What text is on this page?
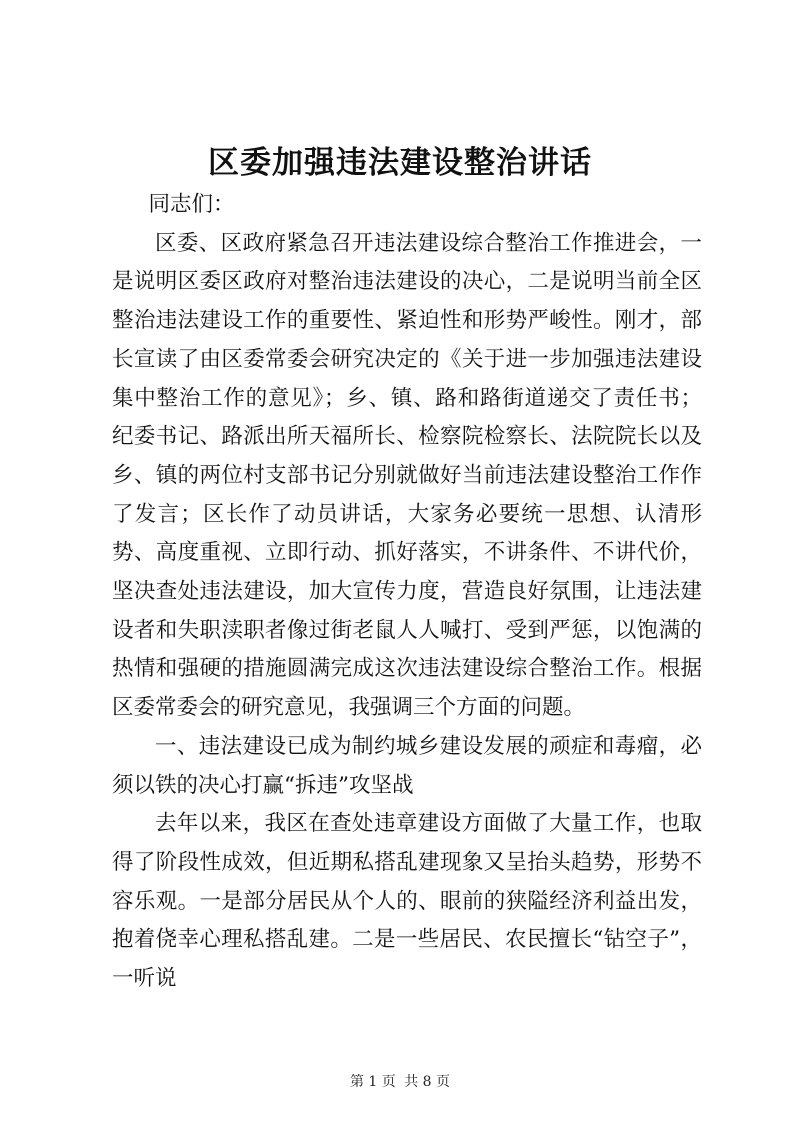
区委加强违法建设整治讲话

同志们：

区委、区政府紧急召开违法建设综合整治工作推进会，一是说明区委区政府对整治违法建设的决心，二是说明当前全区整治违法建设工作的重要性、紧迫性和形势严峻性。刚才，部长宣读了由区委常委会研究决定的《关于进一步加强违法建设集中整治工作的意见》；乡、镇、路和路街道递交了责任书；纪委书记、路派出所天福所长、检察院检察长、法院院长以及乡、镇的两位村支部书记分别就做好当前违法建设整治工作作了发言；区长作了动员讲话，大家务必要统一思想、认清形势、高度重视、立即行动、抓好落实，不讲条件、不讲代价，坚决查处违法建设，加大宣传力度，营造良好氛围，让违法建设者和失职渎职者像过街老鼠人人喊打、受到严惩，以饱满的热情和强硬的措施圆满完成这次违法建设综合整治工作。根据区委常委会的研究意见，我强调三个方面的问题。

一、违法建设已成为制约城乡建设发展的顽症和毒瘤，必须以铁的决心打赢“拆违”攻坚战

去年以来，我区在查处违章建设方面做了大量工作，也取得了阶段性成效，但近期私搭乱建现象又呈抬头趋势，形势不容乐观。一是部分居民从个人的、眼前的狭隘经济利益出发，抱着侥幸心理私搭乱建。二是一些居民、农民擅长“钻空子”，一听说

第 1 页 共 8 页
